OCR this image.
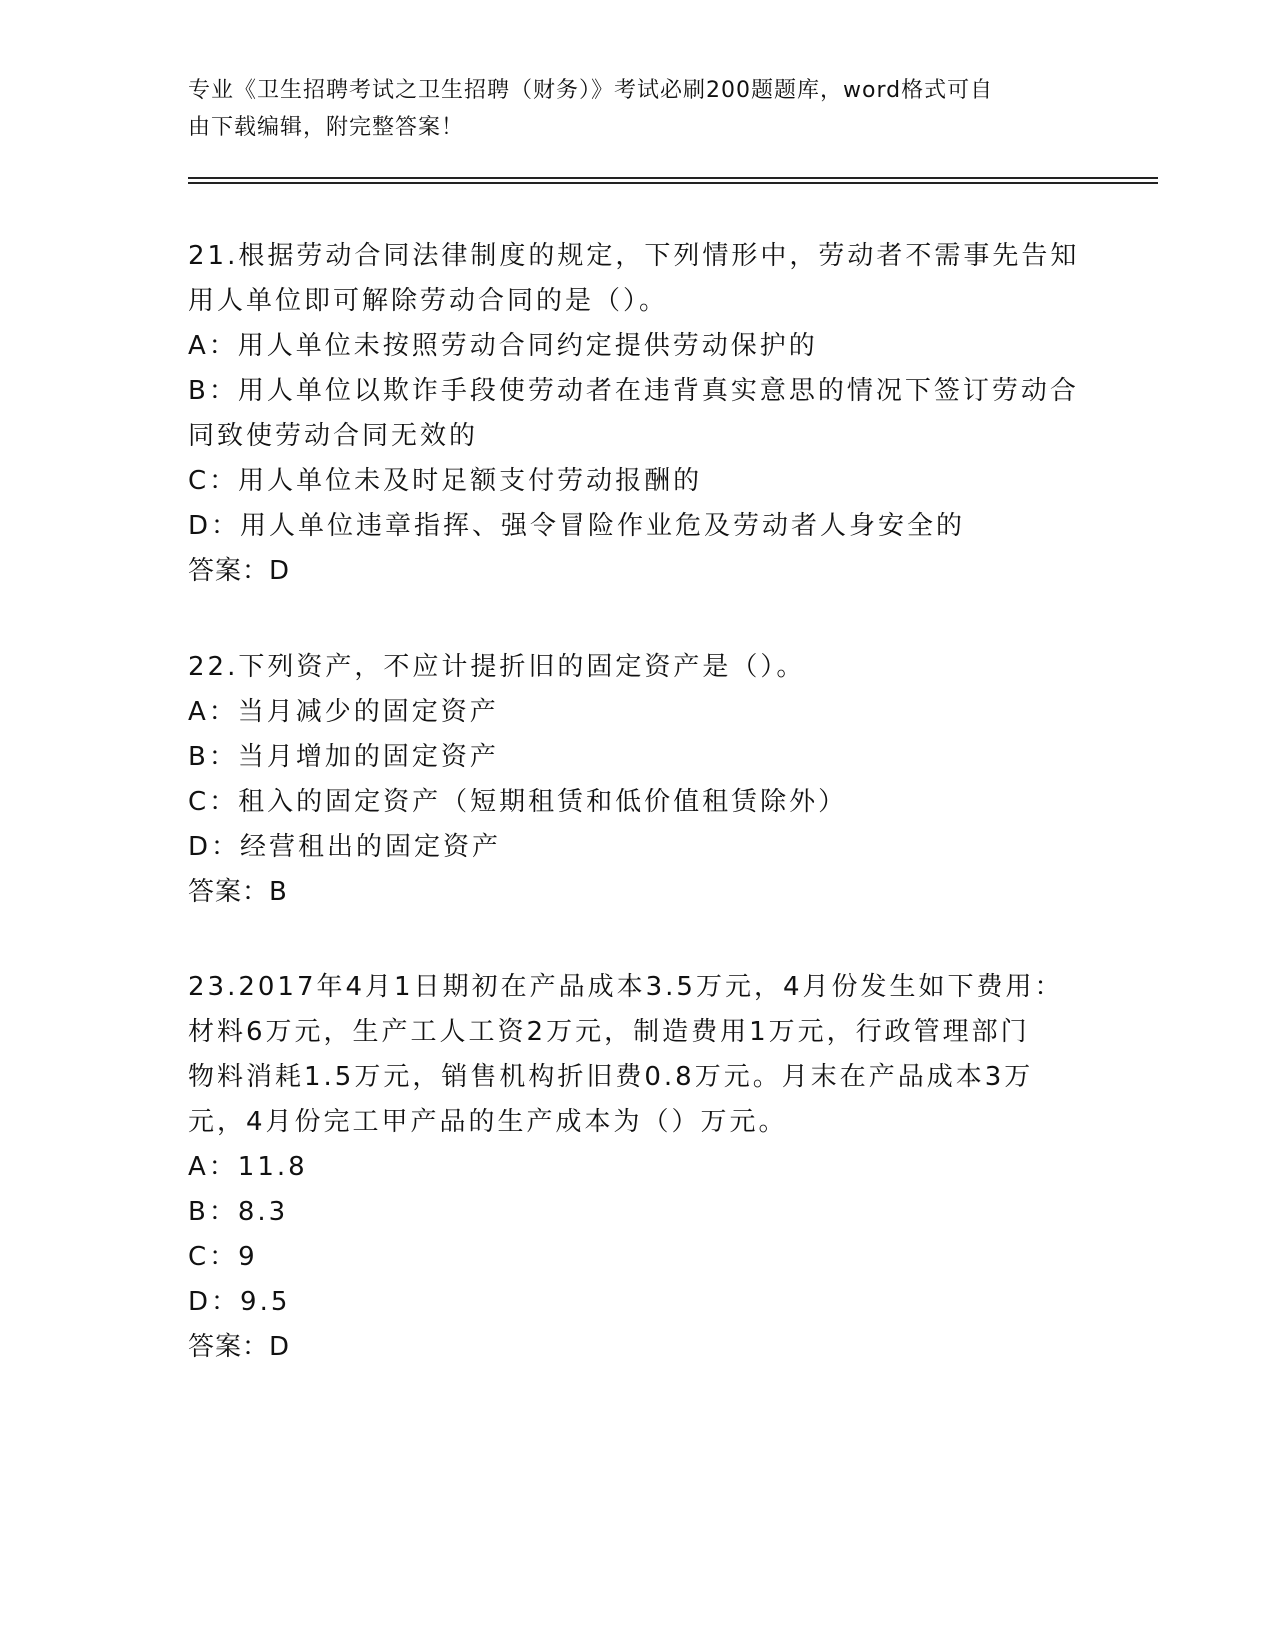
专业《卫生招聘考试之卫生招聘（财务）》考试必刷200题题库，word格式可自
由下载编辑，附完整答案！

21.根据劳动合同法律制度的规定，下列情形中，劳动者不需事先告知

用人单位即可解除劳动合同的是（）。

A：用人单位未按照劳动合同约定提供劳动保护的

B：用人单位以欺诈手段使劳动者在违背真实意思的情况下签订劳动合

同致使劳动合同无效的

C：用人单位未及时足额支付劳动报酬的

D：用人单位违章指挥、强令冒险作业危及劳动者人身安全的

答案：D

22.下列资产，不应计提折旧的固定资产是（）。

A：当月减少的固定资产

B：当月增加的固定资产

C：租入的固定资产（短期租赁和低价值租赁除外）

D：经营租出的固定资产

答案：B

23.2017年4月1日期初在产品成本3.5万元，4月份发生如下费用：

材料6万元，生产工人工资2万元，制造费用1万元，行政管理部门

物料消耗1.5万元，销售机构折旧费0.8万元。月末在产品成本3万

元，4月份完工甲产品的生产成本为（）万元。

A：11.8

B：8.3

C：9

D：9.5

答案：D
